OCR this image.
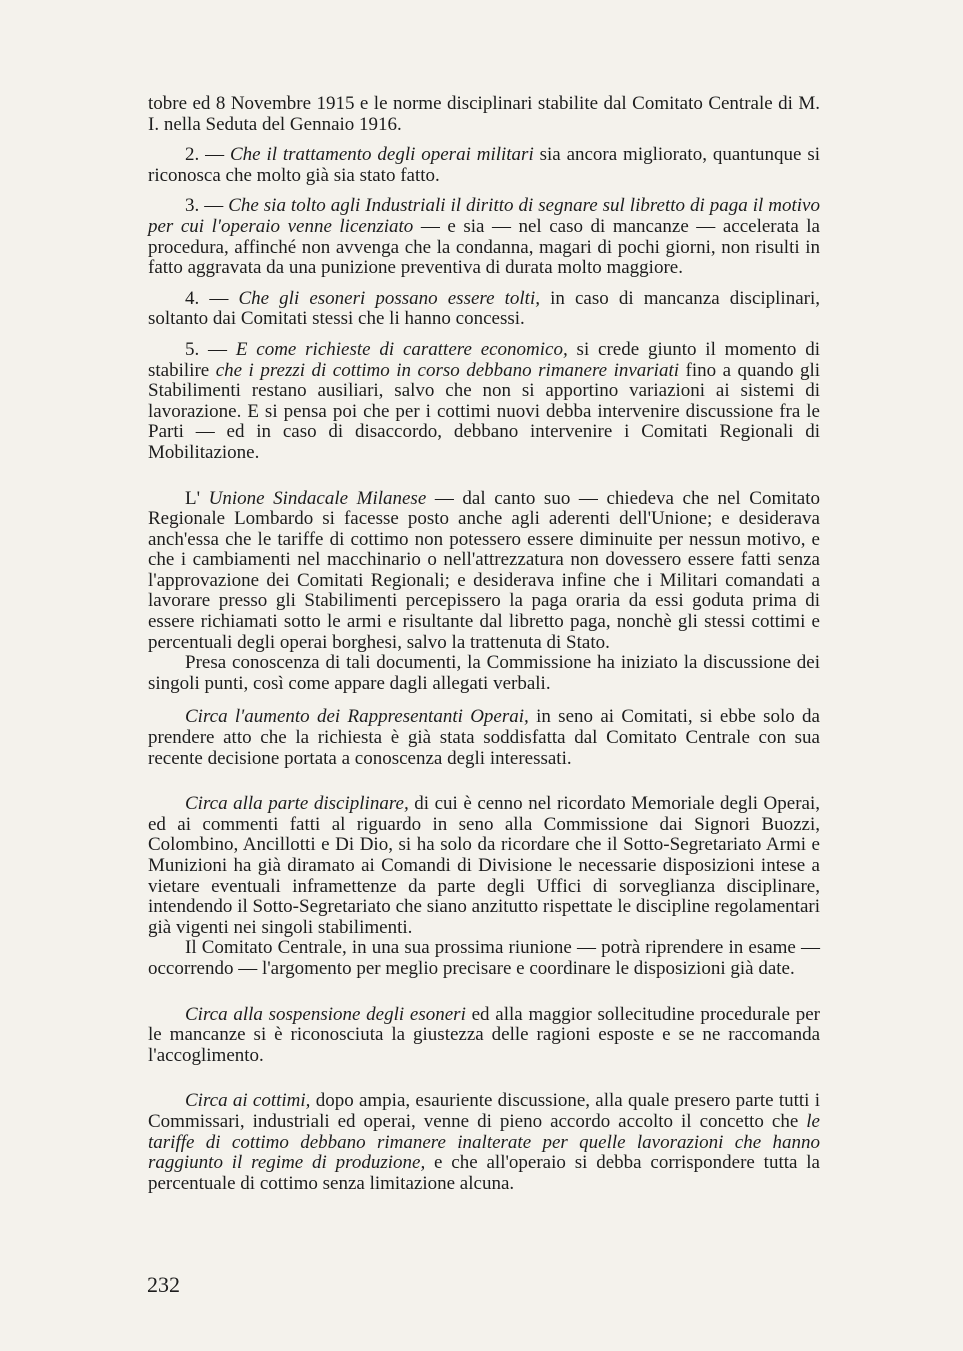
tobre ed 8 Novembre 1915 e le norme disciplinari stabilite dal Comitato Centrale di M. I. nella Seduta del Gennaio 1916.

2. — Che il trattamento degli operai militari sia ancora migliorato, quantunque si riconosca che molto già sia stato fatto.

3. — Che sia tolto agli Industriali il diritto di segnare sul libretto di paga il motivo per cui l'operaio venne licenziato — e sia — nel caso di mancanze — accelerata la procedura, affinché non avvenga che la condanna, magari di pochi giorni, non risulti in fatto aggravata da una punizione preventiva di durata molto maggiore.

4. — Che gli esoneri possano essere tolti, in caso di mancanza disciplinari, soltanto dai Comitati stessi che li hanno concessi.

5. — E come richieste di carattere economico, si crede giunto il momento di stabilire che i prezzi di cottimo in corso debbano rimanere invariati fino a quando gli Stabilimenti restano ausiliari, salvo che non si apportino variazioni ai sistemi di lavorazione. E si pensa poi che per i cottimi nuovi debba intervenire discussione fra le Parti — ed in caso di disaccordo, debbano intervenire i Comitati Regionali di Mobilitazione.

L' Unione Sindacale Milanese — dal canto suo — chiedeva che nel Comitato Regionale Lombardo si facesse posto anche agli aderenti dell'Unione; e desiderava anch'essa che le tariffe di cottimo non potessero essere diminuite per nessun motivo, e che i cambiamenti nel macchinario o nell'attrezzatura non dovessero essere fatti senza l'approvazione dei Comitati Regionali; e desiderava infine che i Militari comandati a lavorare presso gli Stabilimenti percepissero la paga oraria da essi goduta prima di essere richiamati sotto le armi e risultante dal libretto paga, nonchè gli stessi cottimi e percentuali degli operai borghesi, salvo la trattenuta di Stato.

Presa conoscenza di tali documenti, la Commissione ha iniziato la discussione dei singoli punti, così come appare dagli allegati verbali.

Circa l'aumento dei Rappresentanti Operai, in seno ai Comitati, si ebbe solo da prendere atto che la richiesta è già stata soddisfatta dal Comitato Centrale con sua recente decisione portata a conoscenza degli interessati.

Circa alla parte disciplinare, di cui è cenno nel ricordato Memoriale degli Operai, ed ai commenti fatti al riguardo in seno alla Commissione dai Signori Buozzi, Colombino, Ancillotti e Di Dio, si ha solo da ricordare che il Sotto-Segretariato Armi e Munizioni ha già diramato ai Comandi di Divisione le necessarie disposizioni intese a vietare eventuali inframettenze da parte degli Uffici di sorveglianza disciplinare, intendendo il Sotto-Segretariato che siano anzitutto rispettate le discipline regolamentari già vigenti nei singoli stabilimenti.

Il Comitato Centrale, in una sua prossima riunione — potrà riprendere in esame — occorrendo — l'argomento per meglio precisare e coordinare le disposizioni già date.

Circa alla sospensione degli esoneri ed alla maggior sollecitudine procedurale per le mancanze si è riconosciuta la giustezza delle ragioni esposte e se ne raccomanda l'accoglimento.

Circa ai cottimi, dopo ampia, esauriente discussione, alla quale presero parte tutti i Commissari, industriali ed operai, venne di pieno accordo accolto il concetto che le tariffe di cottimo debbano rimanere inalterate per quelle lavorazioni che hanno raggiunto il regime di produzione, e che all'operaio si debba corrispondere tutta la percentuale di cottimo senza limitazione alcuna.

232
